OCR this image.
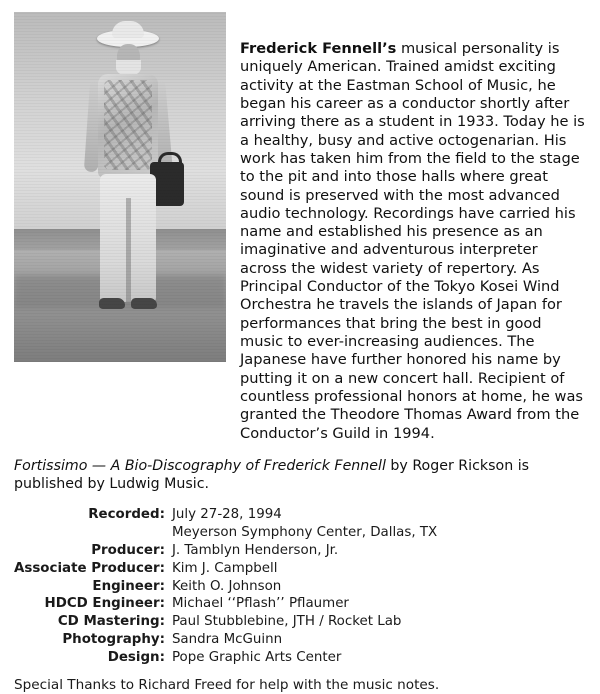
Frederick Fennell’s musical personality is uniquely American. Trained amidst exciting activity at the Eastman School of Music, he began his career as a conductor shortly after arriving there as a student in 1933. Today he is a healthy, busy and active octogenarian. His work has taken him from the field to the stage to the pit and into those halls where great sound is preserved with the most advanced audio technology. Recordings have carried his name and established his presence as an imaginative and adventurous interpreter across the widest variety of repertory. As Principal Conductor of the Tokyo Kosei Wind Orchestra he travels the islands of Japan for performances that bring the best in good music to ever-increasing audiences. The Japanese have further honored his name by putting it on a new concert hall. Recipient of countless professional honors at home, he was granted the Theodore Thomas Award from the Conductor’s Guild in 1994.
Fortissimo — A Bio-Discography of Frederick Fennell by Roger Rickson is published by Ludwig Music.
Recorded:	July 27-28, 1994
Meyerson Symphony Center, Dallas, TX

Producer:	J. Tamblyn Henderson, Jr.
Associate Producer:	Kim J. Campbell
Engineer:	Keith O. Johnson
HDCD Engineer:	Michael ‘‘Pflash’’ Pflaumer
CD Mastering:	Paul Stubblebine, JTH / Rocket Lab
Photography:	Sandra McGuinn
Design:	Pope Graphic Arts Center
Special Thanks to Richard Freed for help with the music notes.
